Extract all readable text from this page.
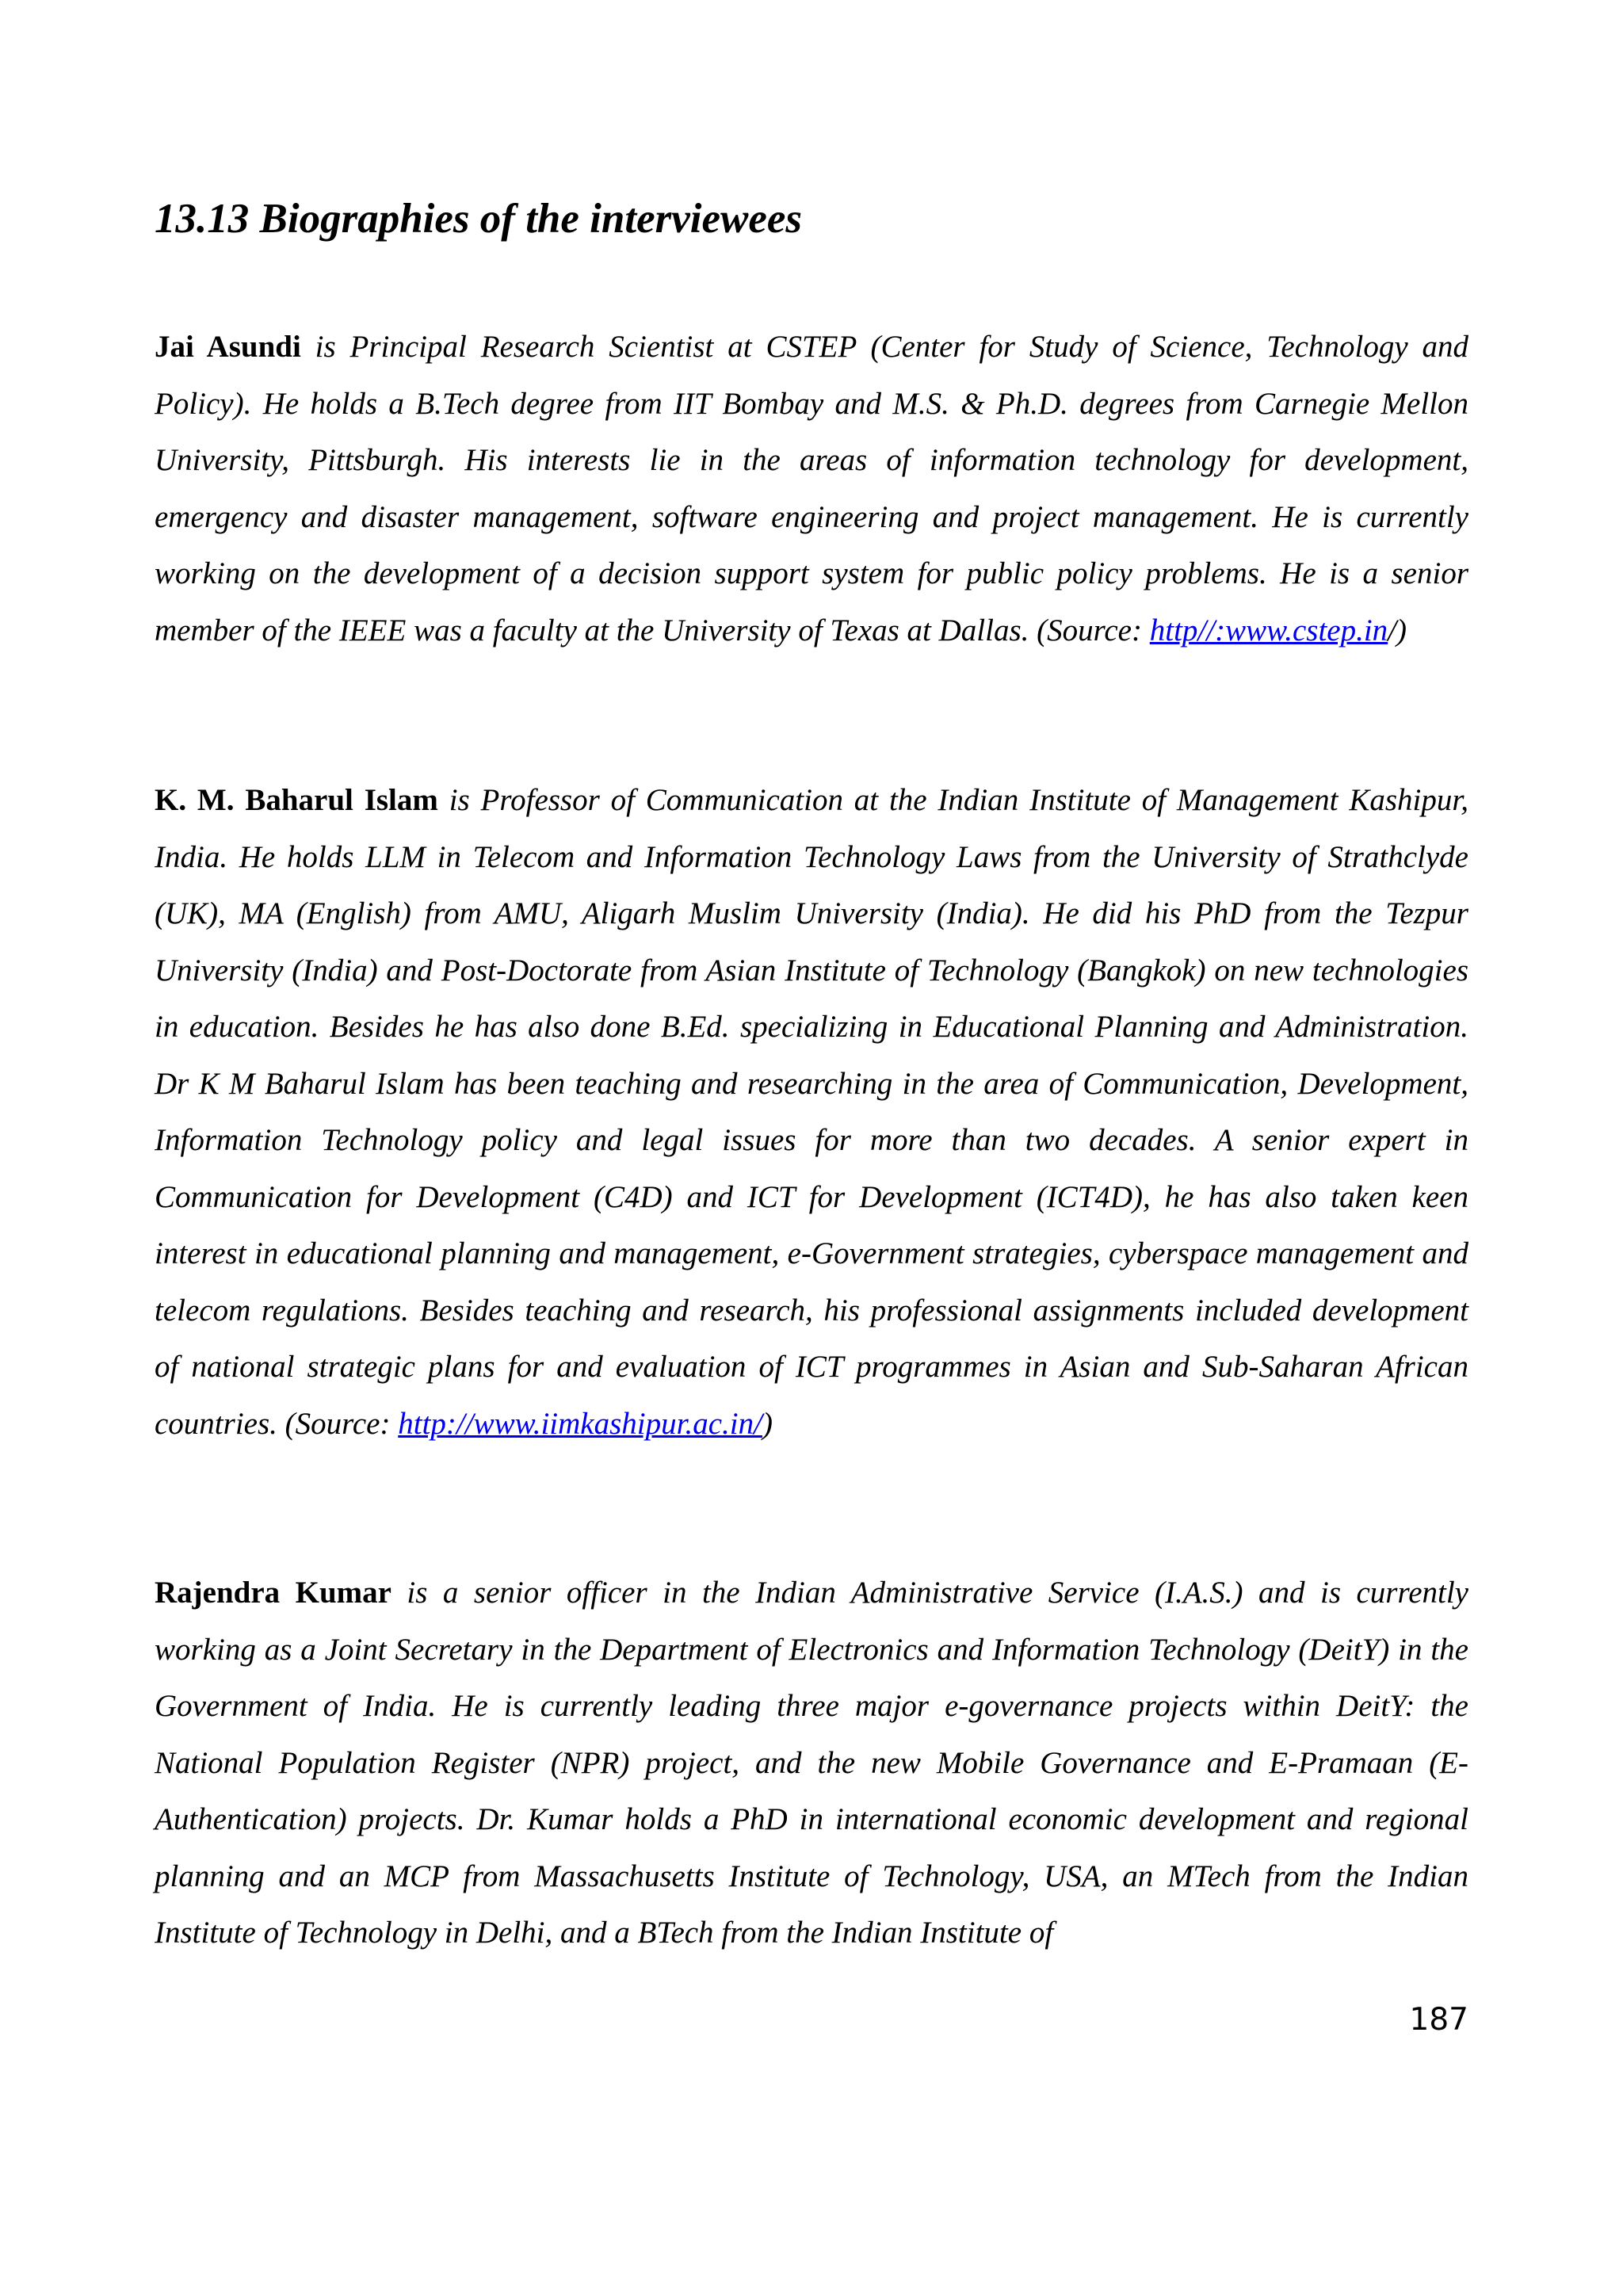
13.13 Biographies of the interviewees

Jai Asundi is Principal Research Scientist at CSTEP (Center for Study of Science, Technology and Policy). He holds a B.Tech degree from IIT Bombay and M.S. & Ph.D. degrees from Carnegie Mellon University, Pittsburgh. His interests lie in the areas of information technology for development, emergency and disaster management, software engineering and project management. He is currently working on the development of a decision support system for public policy problems. He is a senior member of the IEEE was a faculty at the University of Texas at Dallas. (Source: http//:www.cstep.in/)

K. M. Baharul Islam is Professor of Communication at the Indian Institute of Management Kashipur, India. He holds LLM in Telecom and Information Technology Laws from the University of Strathclyde (UK), MA (English) from AMU, Aligarh Muslim University (India). He did his PhD from the Tezpur University (India) and Post-Doctorate from Asian Institute of Technology (Bangkok) on new technologies in education. Besides he has also done B.Ed. specializing in Educational Planning and Administration. Dr K M Baharul Islam has been teaching and researching in the area of Communication, Development, Information Technology policy and legal issues for more than two decades. A senior expert in Communication for Development (C4D) and ICT for Development (ICT4D), he has also taken keen interest in educational planning and management, e-Government strategies, cyberspace management and telecom regulations. Besides teaching and research, his professional assignments included development of national strategic plans for and evaluation of ICT programmes in Asian and Sub-Saharan African countries. (Source: http://www.iimkashipur.ac.in/)

Rajendra Kumar is a senior officer in the Indian Administrative Service (I.A.S.) and is currently working as a Joint Secretary in the Department of Electronics and Information Technology (DeitY) in the Government of India. He is currently leading three major e-governance projects within DeitY: the National Population Register (NPR) project, and the new Mobile Governance and E-Pramaan (E-Authentication) projects. Dr. Kumar holds a PhD in international economic development and regional planning and an MCP from Massachusetts Institute of Technology, USA, an MTech from the Indian Institute of Technology in Delhi, and a BTech from the Indian Institute of

187
